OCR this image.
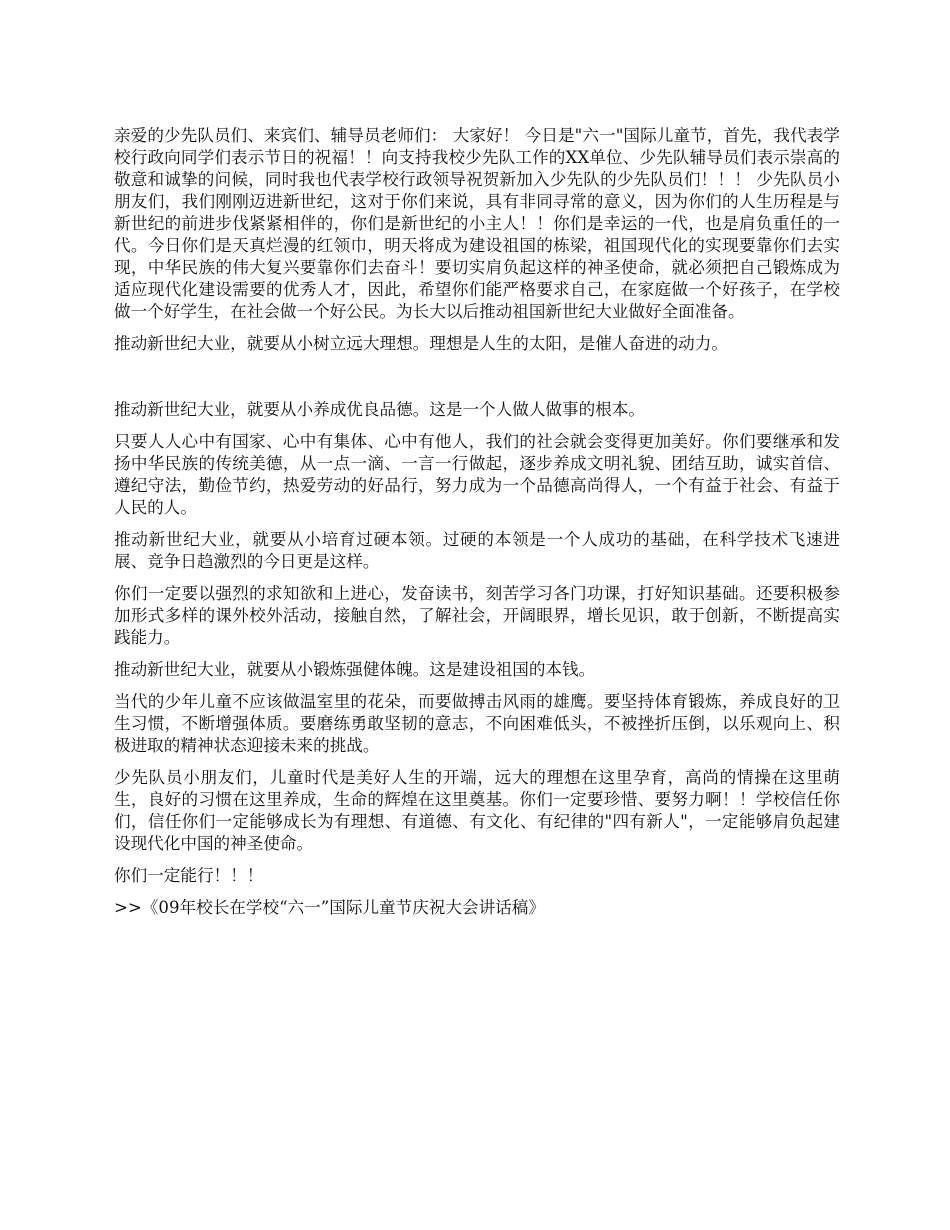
亲爱的少先队员们、来宾们、辅导员老师们： 大家好！ 今日是"六一"国际儿童节，首先，我代表学校行政向同学们表示节日的祝福！！向支持我校少先队工作的XX单位、少先队辅导员们表示崇高的敬意和诚挚的问候，同时我也代表学校行政领导祝贺新加入少先队的少先队员们！！！ 少先队员小朋友们，我们刚刚迈进新世纪，这对于你们来说，具有非同寻常的意义，因为你们的人生历程是与新世纪的前进步伐紧紧相伴的，你们是新世纪的小主人！！你们是幸运的一代，也是肩负重任的一代。今日你们是天真烂漫的红领巾，明天将成为建设祖国的栋梁，祖国现代化的实现要靠你们去实现，中华民族的伟大复兴要靠你们去奋斗！要切实肩负起这样的神圣使命，就必须把自己锻炼成为适应现代化建设需要的优秀人才，因此，希望你们能严格要求自己，在家庭做一个好孩子，在学校做一个好学生，在社会做一个好公民。为长大以后推动祖国新世纪大业做好全面准备。

推动新世纪大业，就要从小树立远大理想。理想是人生的太阳，是催人奋进的动力。

推动新世纪大业，就要从小养成优良品德。这是一个人做人做事的根本。

只要人人心中有国家、心中有集体、心中有他人，我们的社会就会变得更加美好。你们要继承和发扬中华民族的传统美德，从一点一滴、一言一行做起，逐步养成文明礼貌、团结互助，诚实首信、遵纪守法，勤俭节约，热爱劳动的好品行，努力成为一个品德高尚得人，一个有益于社会、有益于人民的人。

推动新世纪大业，就要从小培育过硬本领。过硬的本领是一个人成功的基础，在科学技术飞速进展、竞争日趋激烈的今日更是这样。

你们一定要以强烈的求知欲和上进心，发奋读书，刻苦学习各门功课，打好知识基础。还要积极参加形式多样的课外校外活动，接触自然，了解社会，开阔眼界，增长见识，敢于创新，不断提高实践能力。

推动新世纪大业，就要从小锻炼强健体魄。这是建设祖国的本钱。

当代的少年儿童不应该做温室里的花朵，而要做搏击风雨的雄鹰。要坚持体育锻炼，养成良好的卫生习惯，不断增强体质。要磨练勇敢坚韧的意志，不向困难低头，不被挫折压倒，以乐观向上、积极进取的精神状态迎接未来的挑战。

少先队员小朋友们，儿童时代是美好人生的开端，远大的理想在这里孕育，高尚的情操在这里萌生，良好的习惯在这里养成，生命的辉煌在这里奠基。你们一定要珍惜、要努力啊！！学校信任你们，信任你们一定能够成长为有理想、有道德、有文化、有纪律的"四有新人"，一定能够肩负起建设现代化中国的神圣使命。

你们一定能行！！！

>>《09年校长在学校“六一”国际儿童节庆祝大会讲话稿》
